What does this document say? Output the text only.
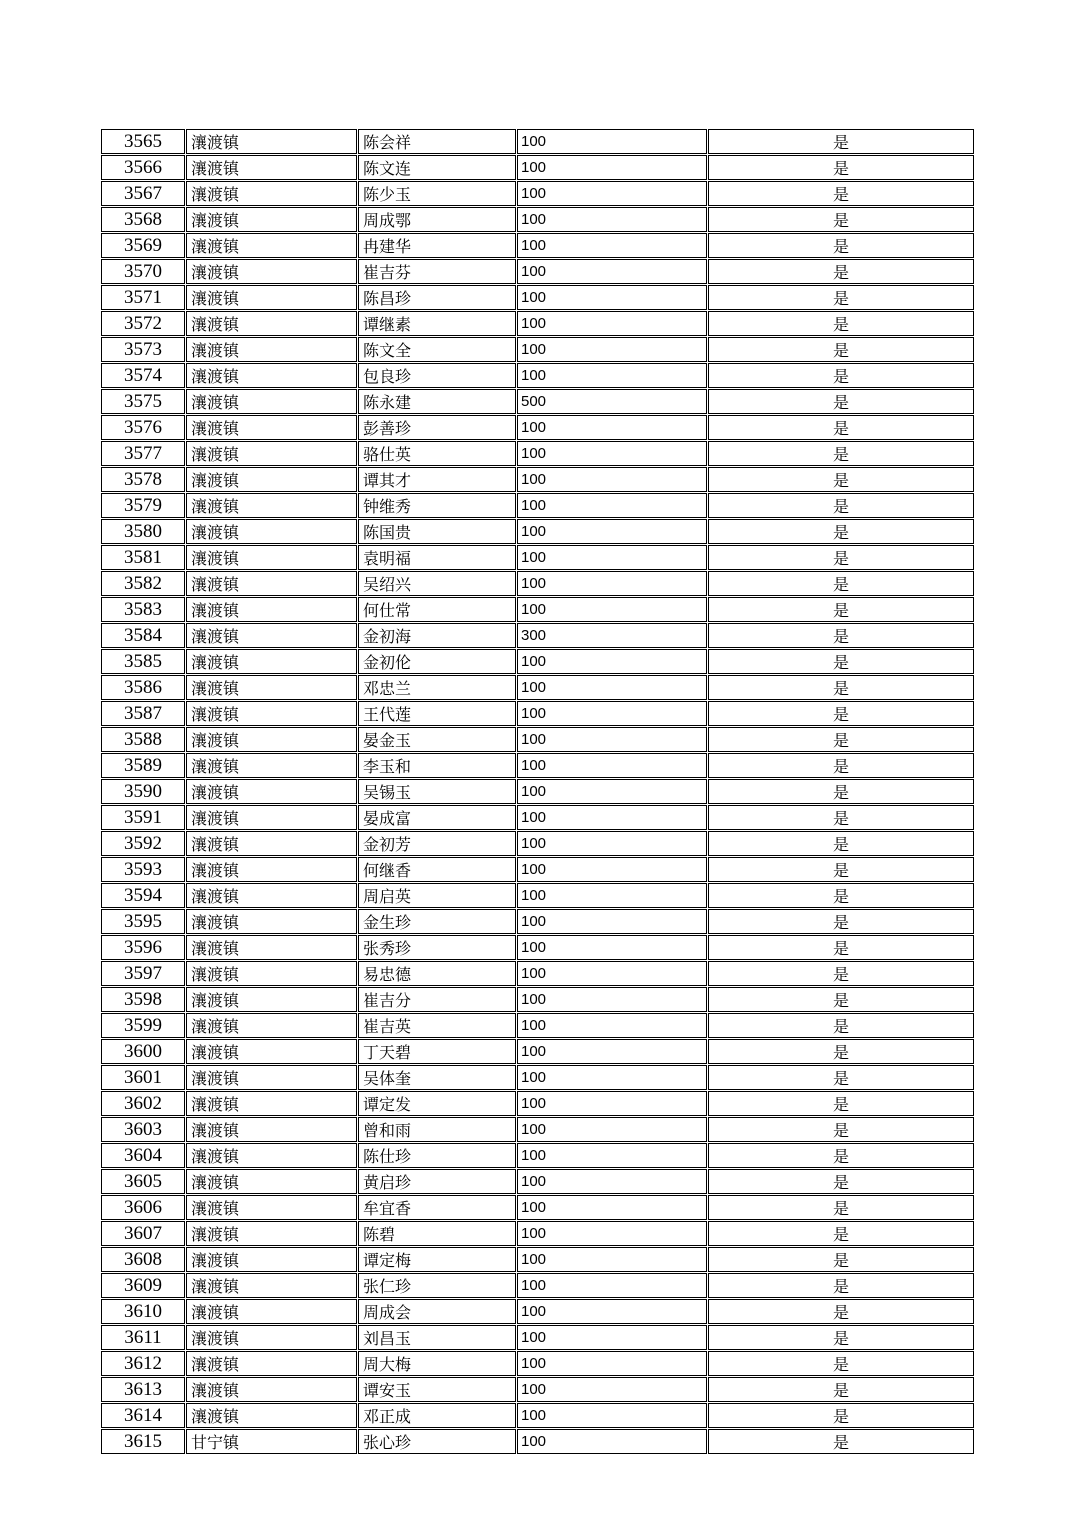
3565	瀼渡镇	陈会祥	100	是
3566	瀼渡镇	陈文连	100	是
3567	瀼渡镇	陈少玉	100	是
3568	瀼渡镇	周成鄂	100	是
3569	瀼渡镇	冉建华	100	是
3570	瀼渡镇	崔吉芬	100	是
3571	瀼渡镇	陈昌珍	100	是
3572	瀼渡镇	谭继素	100	是
3573	瀼渡镇	陈文全	100	是
3574	瀼渡镇	包良珍	100	是
3575	瀼渡镇	陈永建	500	是
3576	瀼渡镇	彭善珍	100	是
3577	瀼渡镇	骆仕英	100	是
3578	瀼渡镇	谭其才	100	是
3579	瀼渡镇	钟维秀	100	是
3580	瀼渡镇	陈国贵	100	是
3581	瀼渡镇	袁明福	100	是
3582	瀼渡镇	吴绍兴	100	是
3583	瀼渡镇	何仕常	100	是
3584	瀼渡镇	金初海	300	是
3585	瀼渡镇	金初伦	100	是
3586	瀼渡镇	邓忠兰	100	是
3587	瀼渡镇	王代莲	100	是
3588	瀼渡镇	晏金玉	100	是
3589	瀼渡镇	李玉和	100	是
3590	瀼渡镇	吴锡玉	100	是
3591	瀼渡镇	晏成富	100	是
3592	瀼渡镇	金初芳	100	是
3593	瀼渡镇	何继香	100	是
3594	瀼渡镇	周启英	100	是
3595	瀼渡镇	金生珍	100	是
3596	瀼渡镇	张秀珍	100	是
3597	瀼渡镇	易忠德	100	是
3598	瀼渡镇	崔吉分	100	是
3599	瀼渡镇	崔吉英	100	是
3600	瀼渡镇	丁天碧	100	是
3601	瀼渡镇	吴体奎	100	是
3602	瀼渡镇	谭定发	100	是
3603	瀼渡镇	曾和雨	100	是
3604	瀼渡镇	陈仕珍	100	是
3605	瀼渡镇	黄启珍	100	是
3606	瀼渡镇	牟宜香	100	是
3607	瀼渡镇	陈碧	100	是
3608	瀼渡镇	谭定梅	100	是
3609	瀼渡镇	张仁珍	100	是
3610	瀼渡镇	周成会	100	是
3611	瀼渡镇	刘昌玉	100	是
3612	瀼渡镇	周大梅	100	是
3613	瀼渡镇	谭安玉	100	是
3614	瀼渡镇	邓正成	100	是
3615	甘宁镇	张心珍	100	是
